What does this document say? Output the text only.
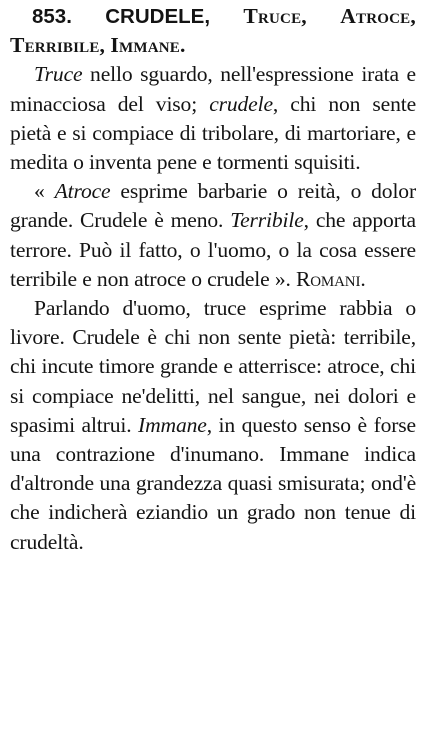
853. CRUDELE, Truce, Atroce, Terribile, Immane.

Truce nello sguardo, nell'espressione irata e minacciosa del viso; crudele, chi non sente pietà e si compiace di tribolare, di martoriare, e medita o inventa pene e tormenti squisiti.

« Atroce esprime barbarie o reità, o dolor grande. Crudele è meno. Terribile, che apporta terrore. Può il fatto, o l'uomo, o la cosa essere terribile e non atroce o crudele ». Romani.

Parlando d'uomo, truce esprime rabbia o livore. Crudele è chi non sente pietà: terribile, chi incute timore grande e atterrisce: atroce, chi si compiace ne'delitti, nel sangue, nei dolori e spasimi altrui. Immane, in questo senso è forse una contrazione d'inumano. Immane indica d'altronde una grandezza quasi smisurata; ond'è che indicherà eziandio un grado non tenue di crudeltà.
